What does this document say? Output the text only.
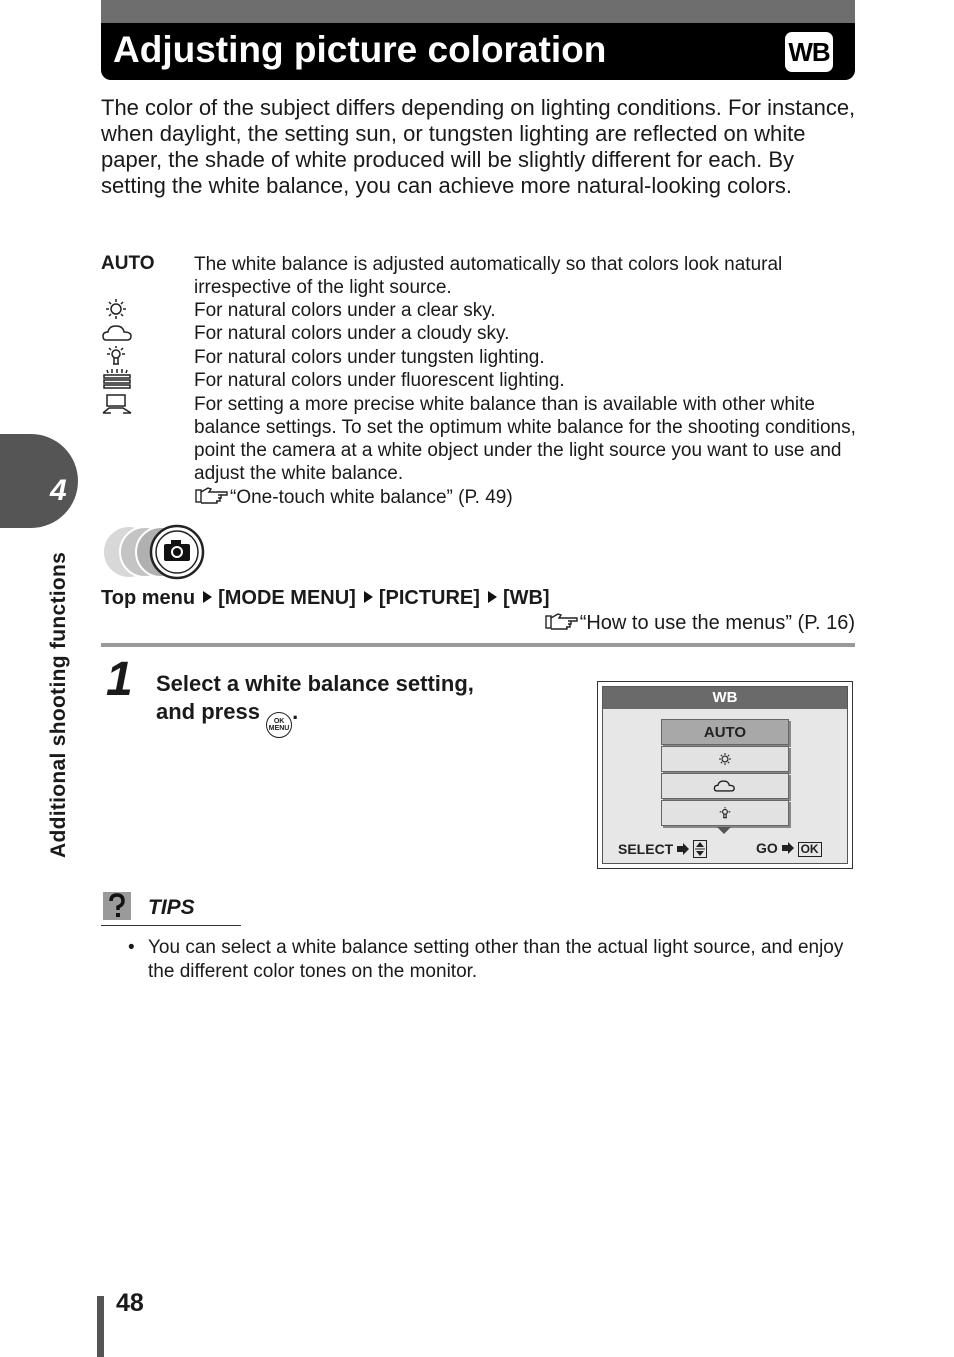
Adjusting picture coloration	WB
The color of the subject differs depending on lighting conditions. For instance, when daylight, the setting sun, or tungsten lighting are reflected on white paper, the shade of white produced will be slightly different for each. By setting the white balance, you can achieve more natural-looking colors.
AUTO The white balance is adjusted automatically so that colors look natural irrespective of the light source.
For natural colors under a clear sky.
For natural colors under a cloudy sky.
For natural colors under tungsten lighting.
For natural colors under fluorescent lighting.
For setting a more precise white balance than is available with other white balance settings. To set the optimum white balance for the shooting conditions, point the camera at a white object under the light source you want to use and adjust the white balance.
“One-touch white balance” (P. 49)
4
Additional shooting functions Top menu [MODE MENU] [PICTURE] [WB]
“How to use the menus” (P. 16)
1 Select a white balance setting,
and press	OK
MENU
.
WB
AUTO
SELECT	GO OK
TIPS
• You can select a white balance setting other than the actual light source, and enjoy the different color tones on the monitor.
48
